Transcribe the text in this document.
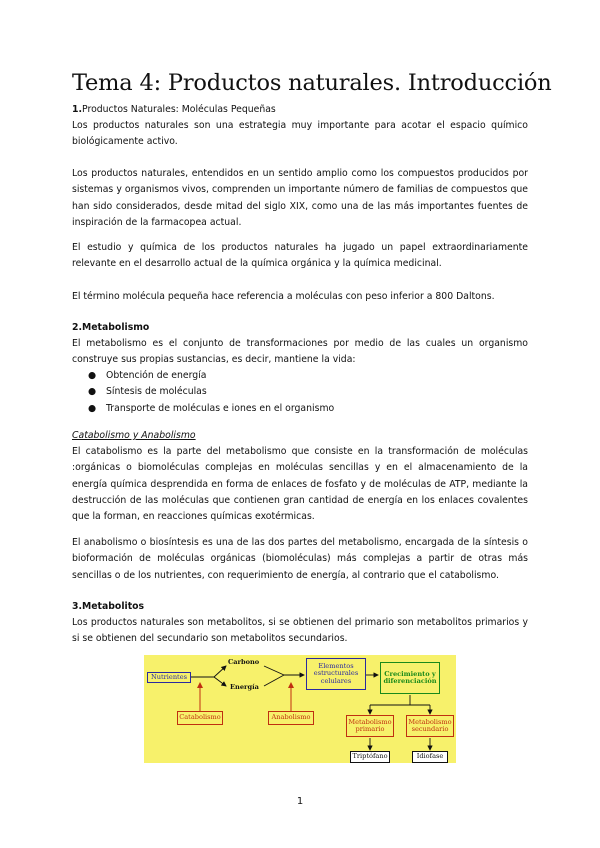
Tema 4: Productos naturales. Introducción

1.Productos Naturales: Moléculas Pequeñas

Los productos naturales son una estrategia muy importante para acotar el espacio químico biológicamente activo.

Los productos naturales, entendidos en un sentido amplio como los compuestos producidos por sistemas y organismos vivos, comprenden un importante número de familias de compuestos que han sido considerados, desde mitad del siglo XIX, como una de las más importantes fuentes de inspiración de la farmacopea actual.

El estudio y química de los productos naturales ha jugado un papel extraordinariamente relevante en el desarrollo actual de la química orgánica y la química medicinal.

El término molécula pequeña hace referencia a moléculas con peso inferior a 800 Daltons.

2.Metabolismo

El metabolismo es el conjunto de transformaciones por medio de las cuales un organismo construye sus propias sustancias, es decir, mantiene la vida:

● Obtención de energía
● Síntesis de moléculas
● Transporte de moléculas e iones en el organismo

Catabolismo y Anabolismo

El catabolismo es la parte del metabolismo que consiste en la transformación de moléculas :orgánicas o biomoléculas complejas en moléculas sencillas y en el almacenamiento de la energía química desprendida en forma de enlaces de fosfato y de moléculas de ATP, mediante la destrucción de las moléculas que contienen gran cantidad de energía en los enlaces covalentes que la forman, en reacciones químicas exotérmicas.

El anabolismo o biosíntesis es una de las dos partes del metabolismo, encargada de la síntesis o bioformación de moléculas orgánicas (biomoléculas) más complejas a partir de otras más sencillas o de los nutrientes, con requerimiento de energía, al contrario que el catabolismo.

3.Metabolitos

Los productos naturales son metabolitos, si se obtienen del primario son metabolitos primarios y si se obtienen del secundario son metabolitos secundarios.

Nutrientes
Carbono
Energía
Elementos estructurales celulares
Crecimiento y diferenciación
Catabolismo	Anabolismo
Metabolismo primario
Metabolismo secundario
Triptófano	Idiofase
1
